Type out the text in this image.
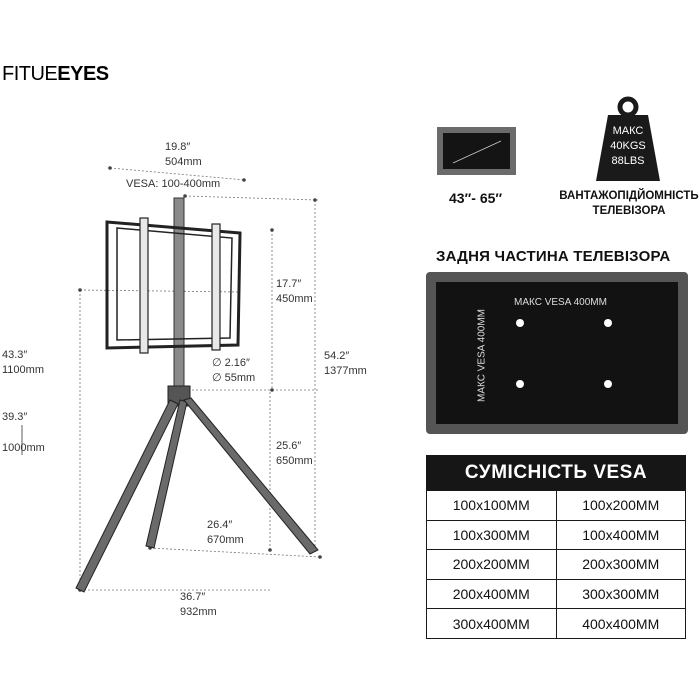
FITUEEYES
19.8″
504mm
VESA: 100-400mm
17.7″
450mm
43.3″
1100mm
39.3″
1000mm
∅ 2.16″
∅ 55mm
54.2″
1377mm
25.6″
650mm
26.4″
670mm
36.7″
932mm
43′′- 65′′
МАКС
40KGS
88LBS
ВАНТАЖОПІДЙОМНІСТЬ
ТЕЛЕВІЗОРА
ЗАДНЯ ЧАСТИНА ТЕЛЕВІЗОРА
МАКС VESA 400MM
МАКС VESA 400MM
СУМІСНІСТЬ VESA
100x100MM	100x200MM
100x300MM	100x400MM
200x200MM	200x300MM
200x400MM	300x300MM
300x400MM	400x400MM
